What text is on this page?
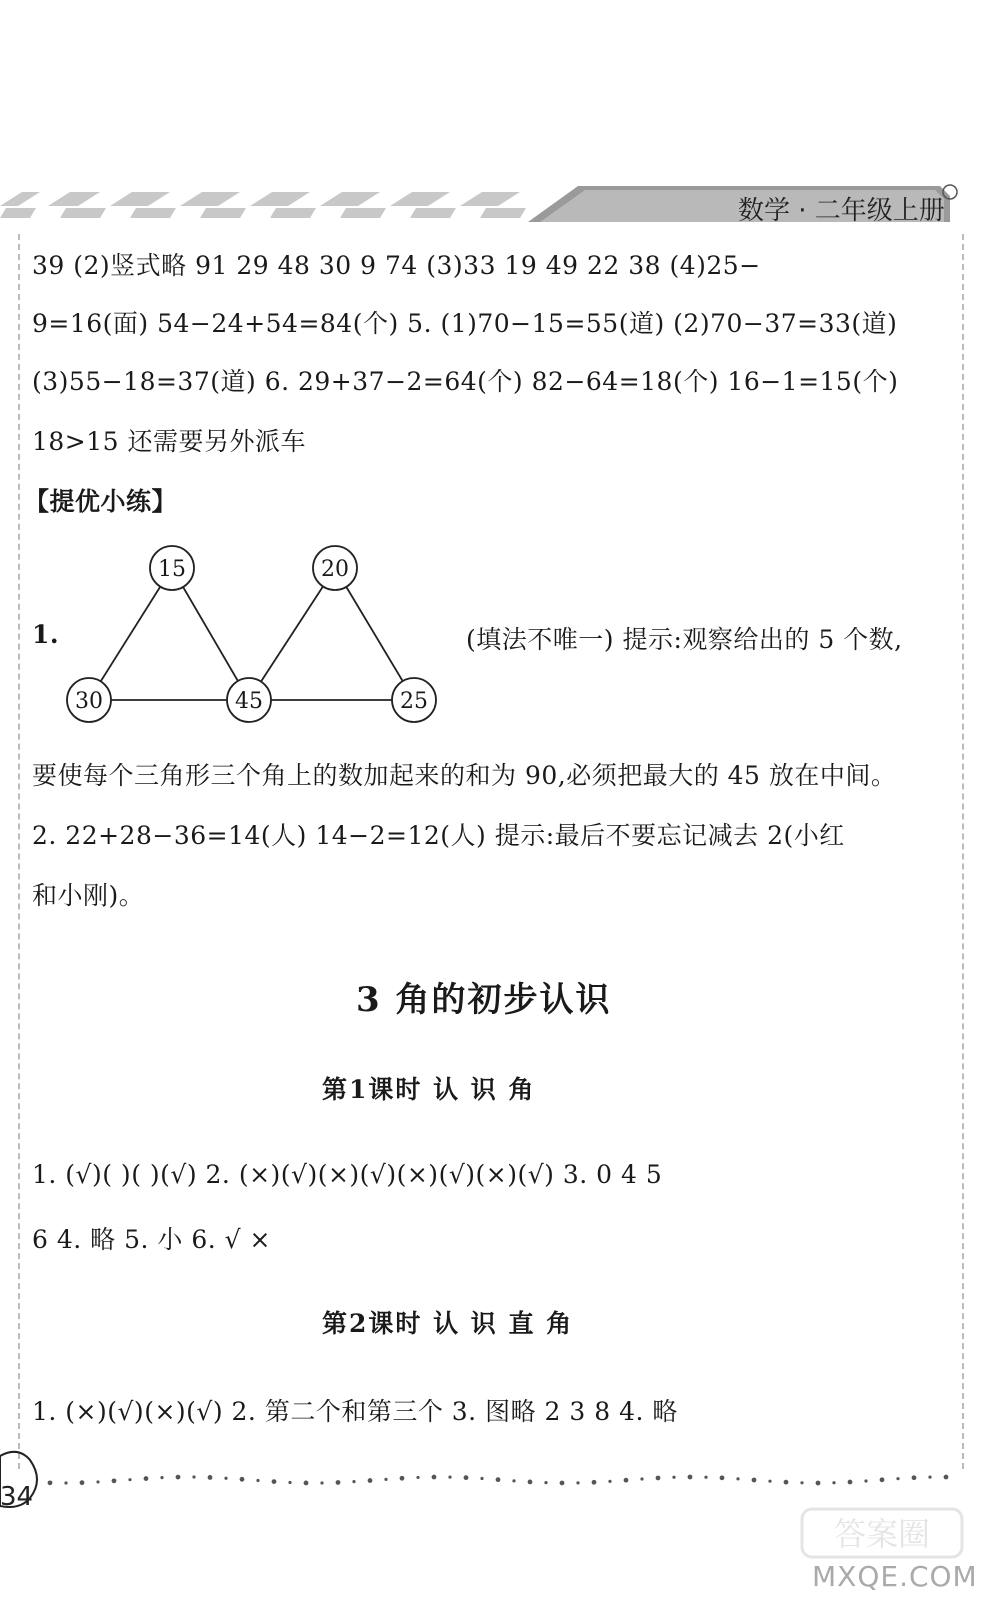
数学 · 二年级上册
39 (2)竖式略 91 29 48 30 9 74 (3)33 19 49 22 38 (4)25−
9=16(面) 54−24+54=84(个) 5. (1)70−15=55(道) (2)70−37=33(道)
(3)55−18=37(道) 6. 29+37−2=64(个) 82−64=18(个) 16−1=15(个)
18>15 还需要另外派车
【提优小练】
1.
15	20
30	45	25
(填法不唯一) 提示:观察给出的 5 个数,
要使每个三角形三个角上的数加起来的和为 90,必须把最大的 45 放在中间。
2. 22+28−36=14(人) 14−2=12(人) 提示:最后不要忘记减去 2(小红
和小刚)。
3 角的初步认识
第1课时 认 识 角
1. (√)( )( )(√) 2. (×)(√)(×)(√)(×)(√)(×)(√) 3. 0 4 5
6 4. 略 5. 小 6. √ ×
第2课时 认 识 直 角
1. (×)(√)(×)(√) 2. 第二个和第三个 3. 图略 2 3 8 4. 略
34
答案圈
MXQE.COM
